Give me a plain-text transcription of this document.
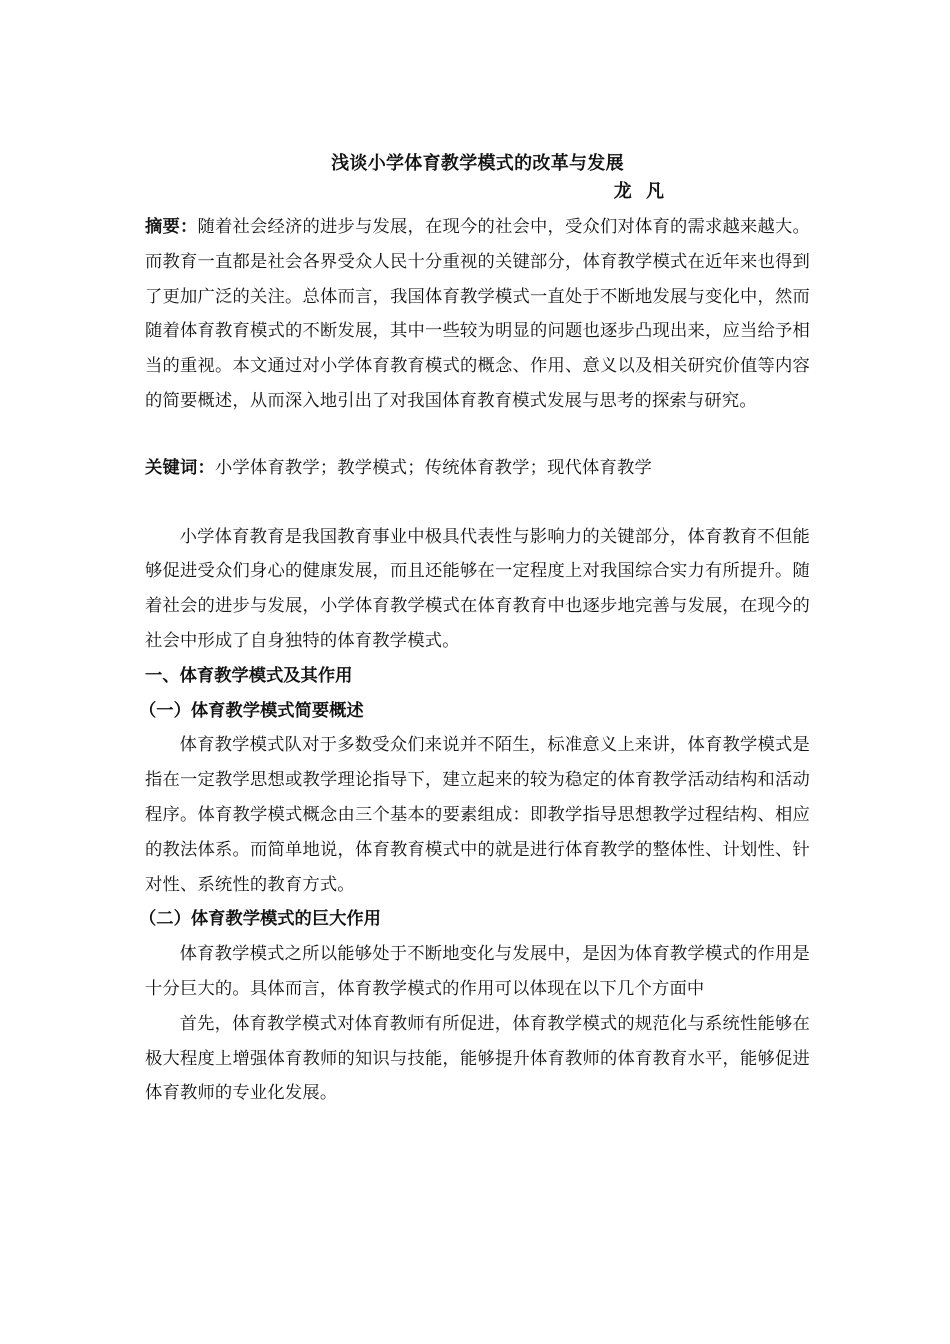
浅谈小学体育教学模式的改革与发展

龙 凡

摘要：随着社会经济的进步与发展，在现今的社会中，受众们对体育的需求越来越大。而教育一直都是社会各界受众人民十分重视的关键部分，体育教学模式在近年来也得到了更加广泛的关注。总体而言，我国体育教学模式一直处于不断地发展与变化中，然而随着体育教育模式的不断发展，其中一些较为明显的问题也逐步凸现出来，应当给予相当的重视。本文通过对小学体育教育模式的概念、作用、意义以及相关研究价值等内容的简要概述，从而深入地引出了对我国体育教育模式发展与思考的探索与研究。

关键词：小学体育教学；教学模式；传统体育教学；现代体育教学

小学体育教育是我国教育事业中极具代表性与影响力的关键部分，体育教育不但能够促进受众们身心的健康发展，而且还能够在一定程度上对我国综合实力有所提升。随着社会的进步与发展，小学体育教学模式在体育教育中也逐步地完善与发展，在现今的社会中形成了自身独特的体育教学模式。

一、体育教学模式及其作用

（一）体育教学模式简要概述

体育教学模式队对于多数受众们来说并不陌生，标准意义上来讲，体育教学模式是指在一定教学思想或教学理论指导下，建立起来的较为稳定的体育教学活动结构和活动程序。体育教学模式概念由三个基本的要素组成：即教学指导思想教学过程结构、相应的教法体系。而简单地说，体育教育模式中的就是进行体育教学的整体性、计划性、针对性、系统性的教育方式。

（二）体育教学模式的巨大作用

体育教学模式之所以能够处于不断地变化与发展中，是因为体育教学模式的作用是十分巨大的。具体而言，体育教学模式的作用可以体现在以下几个方面中

首先，体育教学模式对体育教师有所促进，体育教学模式的规范化与系统性能够在极大程度上增强体育教师的知识与技能，能够提升体育教师的体育教育水平，能够促进体育教师的专业化发展。
